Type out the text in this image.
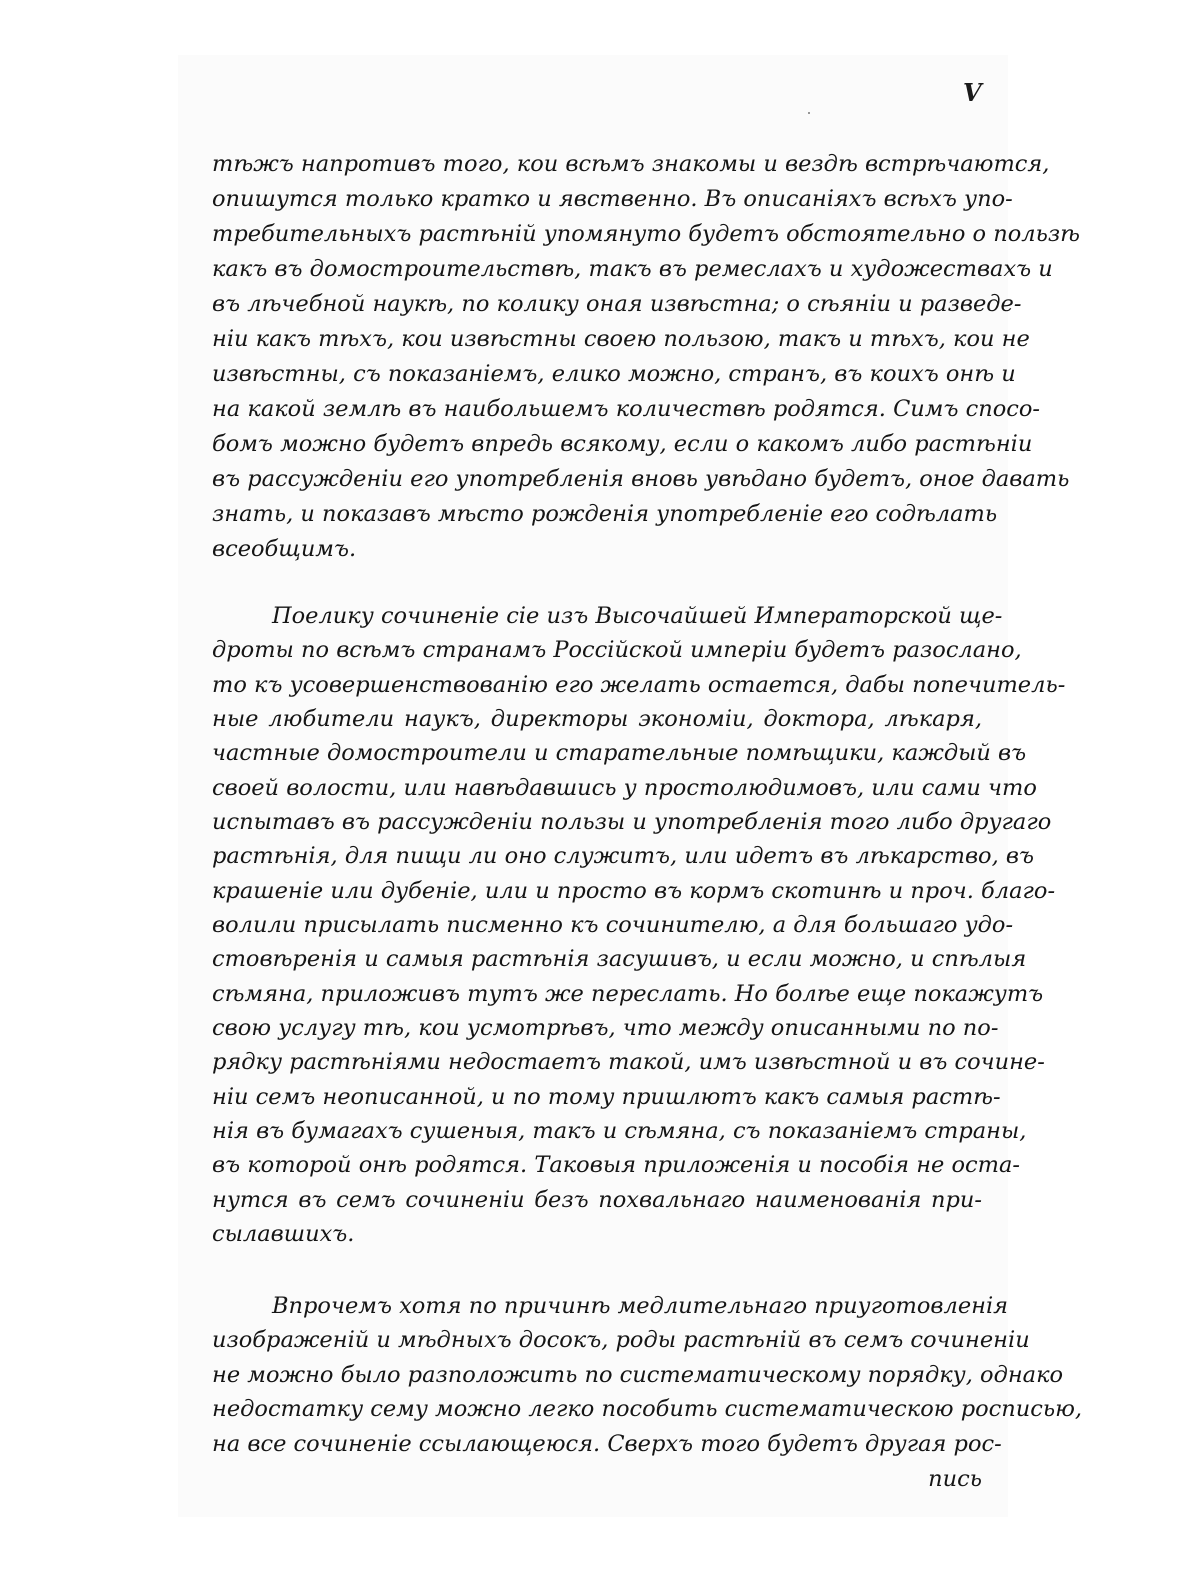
V

тѣжъ напротивъ того, кои всѣмъ знакомы и вездѣ встрѣчаются,

опишутся только кратко и явственно. Въ описанiяхъ всѣхъ упо-

требительныхъ растѣнiй упомянуто будетъ обстоятельно о пользѣ

какъ въ домостроительствѣ, такъ въ ремеслахъ и художествахъ и

въ лѣчебной наукѣ, по колику оная извѣстна; о сѣянiи и разведе-

нiи какъ тѣхъ, кои извѣстны своею пользою, такъ и тѣхъ, кои не

извѣстны, съ показанiемъ, елико можно, странъ, въ коихъ онѣ и

на какой землѣ въ наибольшемъ количествѣ родятся. Симъ спосо-

бомъ можно будетъ впредь всякому, если о какомъ либо растѣнiи

въ рассужденiи его употребленiя вновь увѣдано будетъ, оное давать

знать, и показавъ мѣсто рожденiя употребленiе его содѣлать

всеобщимъ.

Поелику сочиненiе сiе изъ Высочайшей Императорской ще-

дроты по всѣмъ странамъ Россiйской имперiи будетъ разослано,

то къ усовершенствованiю его желать остается, дабы попечитель-

ные любители наукъ, директоры экономiи, доктора, лѣкаря,

частные домостроители и старательные помѣщики, каждый въ

своей волости, или навѣдавшись у простолюдимовъ, или сами что

испытавъ въ рассужденiи пользы и употребленiя того либо другаго

растѣнiя, для пищи ли оно служитъ, или идетъ въ лѣкарство, въ

крашенiе или дубенiе, или и просто въ кормъ скотинѣ и проч. благо-

волили присылать писменно къ сочинителю, а для большаго удо-

стовѣренiя и самыя растѣнiя засушивъ, и если можно, и спѣлыя

сѣмяна, приложивъ тутъ же переслать. Но болѣе еще покажутъ

свою услугу тѣ, кои усмотрѣвъ, что между описанными по по-

рядку растѣнiями недостаетъ такой, имъ извѣстной и въ сочине-

нiи семъ неописанной, и по тому пришлютъ какъ самыя растѣ-

нiя въ бумагахъ сушеныя, такъ и сѣмяна, съ показанiемъ страны,

въ которой онѣ родятся. Таковыя приложенiя и пособiя не оста-

нутся въ семъ сочиненiи безъ похвальнаго наименованiя при-

сылавшихъ.

Впрочемъ хотя по причинѣ медлительнаго приуготовленiя

изображенiй и мѣдныхъ досокъ, роды растѣнiй въ семъ сочиненiи

не можно было разположить по систематическому порядку, однако

недостатку сему можно легко пособить систематическою росписью,

на все сочиненiе ссылающеюся. Сверхъ того будетъ другая рос-

пись
